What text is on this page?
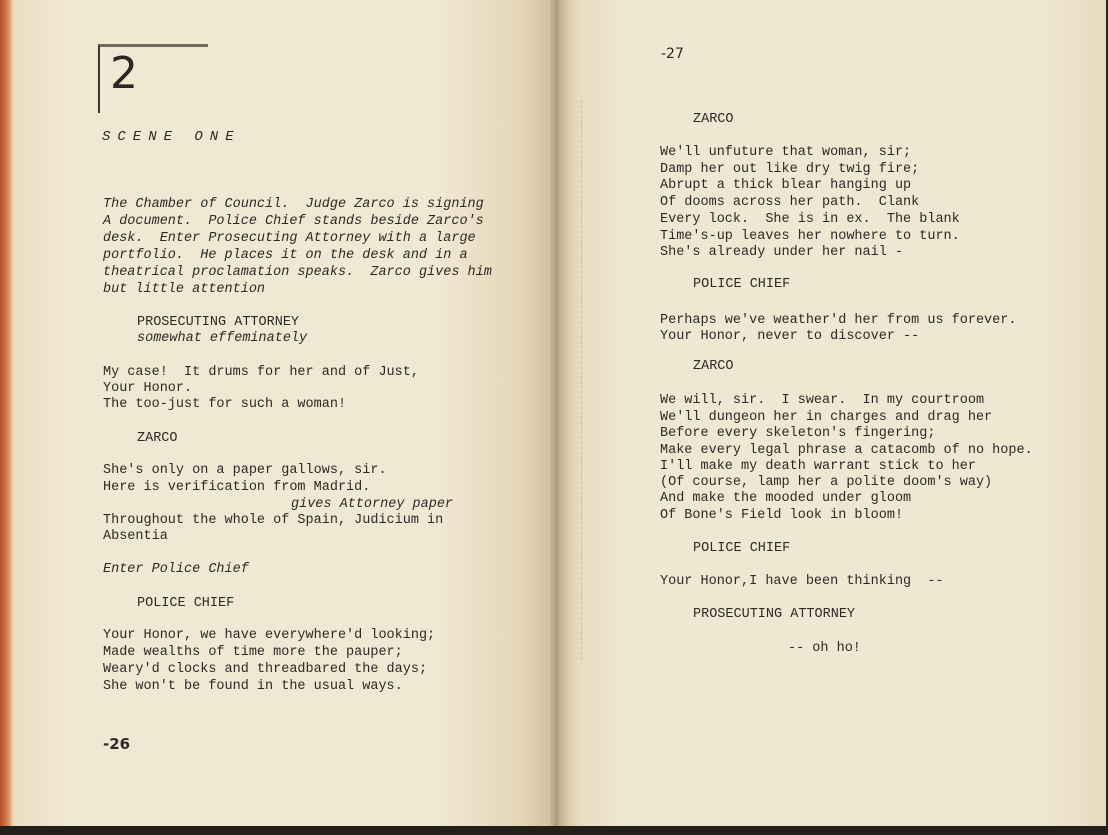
2
SCENE ONE
The Chamber of Council.  Judge Zarco is signing
A document.  Police Chief stands beside Zarco's
desk.  Enter Prosecuting Attorney with a large
portfolio.  He places it on the desk and in a
theatrical proclamation speaks.  Zarco gives him
but little attention
PROSECUTING ATTORNEY
somewhat effeminately
My case!  It drums for her and of Just,
Your Honor.
The too-just for such a woman!
ZARCO
She's only on a paper gallows, sir.
Here is verification from Madrid.
gives Attorney paper
Throughout the whole of Spain, Judicium in
Absentia
Enter Police Chief
POLICE CHIEF
Your Honor, we have everywhere'd looking;
Made wealths of time more the pauper;
Weary'd clocks and threadbared the days;
She won't be found in the usual ways.
-26
-27
ZARCO
We'll unfuture that woman, sir;
Damp her out like dry twig fire;
Abrupt a thick blear hanging up
Of dooms across her path.  Clank
Every lock.  She is in ex.  The blank
Time's-up leaves her nowhere to turn.
She's already under her nail -
POLICE CHIEF
Perhaps we've weather'd her from us forever.
Your Honor, never to discover --
ZARCO
We will, sir.  I swear.  In my courtroom
We'll dungeon her in charges and drag her
Before every skeleton's fingering;
Make every legal phrase a catacomb of no hope.
I'll make my death warrant stick to her
(Of course, lamp her a polite doom's way)
And make the mooded under gloom
Of Bone's Field look in bloom!
POLICE CHIEF
Your Honor,I have been thinking  --
PROSECUTING ATTORNEY
-- oh ho!
